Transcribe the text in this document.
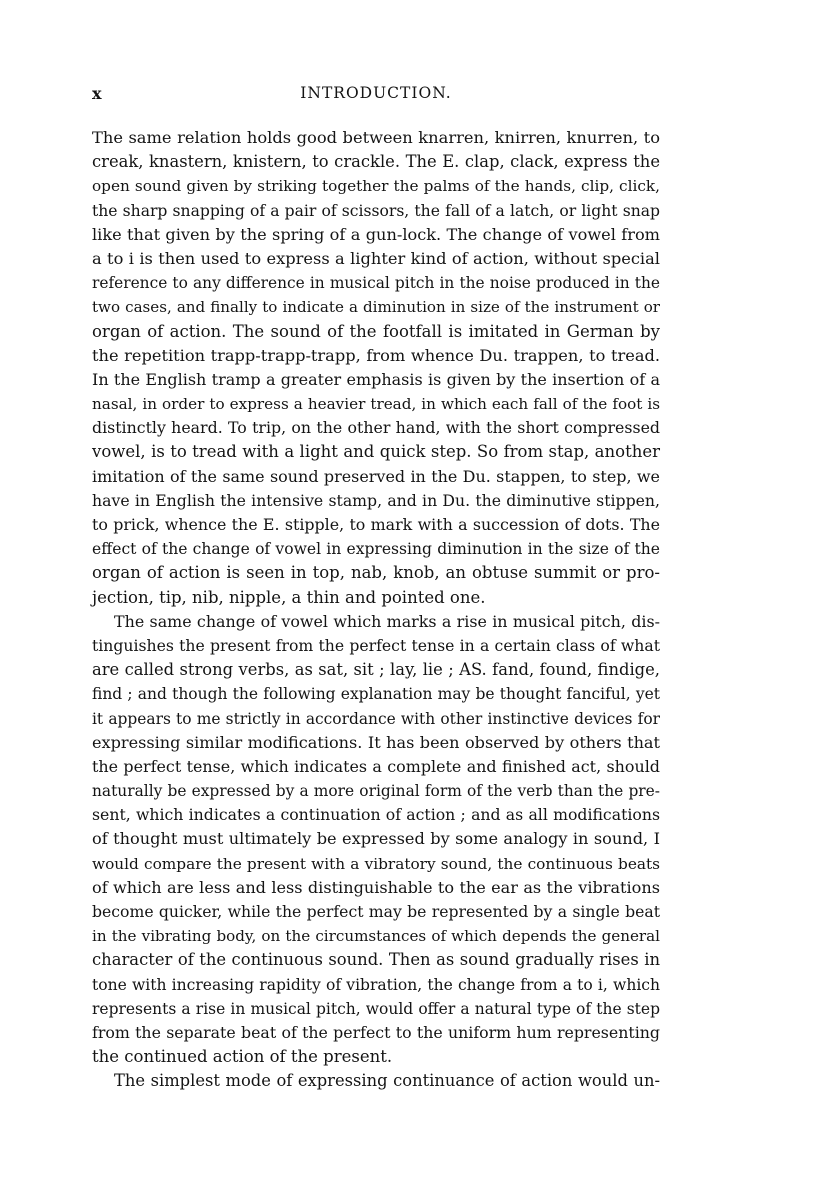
x	INTRODUCTION.
The same relation holds good between knarren, knirren, knurren, to
creak, knastern, knistern, to crackle. The E. clap, clack, express the
open sound given by striking together the palms of the hands, clip, click,
the sharp snapping of a pair of scissors, the fall of a latch, or light snap
like that given by the spring of a gun-lock. The change of vowel from
a to i is then used to express a lighter kind of action, without special
reference to any difference in musical pitch in the noise produced in the
two cases, and finally to indicate a diminution in size of the instrument or
organ of action. The sound of the footfall is imitated in German by
the repetition trapp-trapp-trapp, from whence Du. trappen, to tread.
In the English tramp a greater emphasis is given by the insertion of a
nasal, in order to express a heavier tread, in which each fall of the foot is
distinctly heard. To trip, on the other hand, with the short compressed
vowel, is to tread with a light and quick step. So from stap, another
imitation of the same sound preserved in the Du. stappen, to step, we
have in English the intensive stamp, and in Du. the diminutive stippen,
to prick, whence the E. stipple, to mark with a succession of dots. The
effect of the change of vowel in expressing diminution in the size of the
organ of action is seen in top, nab, knob, an obtuse summit or pro-
jection, tip, nib, nipple, a thin and pointed one.
The same change of vowel which marks a rise in musical pitch, dis-
tinguishes the present from the perfect tense in a certain class of what
are called strong verbs, as sat, sit ; lay, lie ; AS. fand, found, findige,
find ; and though the following explanation may be thought fanciful, yet
it appears to me strictly in accordance with other instinctive devices for
expressing similar modifications. It has been observed by others that
the perfect tense, which indicates a complete and finished act, should
naturally be expressed by a more original form of the verb than the pre-
sent, which indicates a continuation of action ; and as all modifications
of thought must ultimately be expressed by some analogy in sound, I
would compare the present with a vibratory sound, the continuous beats
of which are less and less distinguishable to the ear as the vibrations
become quicker, while the perfect may be represented by a single beat
in the vibrating body, on the circumstances of which depends the general
character of the continuous sound. Then as sound gradually rises in
tone with increasing rapidity of vibration, the change from a to i, which
represents a rise in musical pitch, would offer a natural type of the step
from the separate beat of the perfect to the uniform hum representing
the continued action of the present.
The simplest mode of expressing continuance of action would un-
